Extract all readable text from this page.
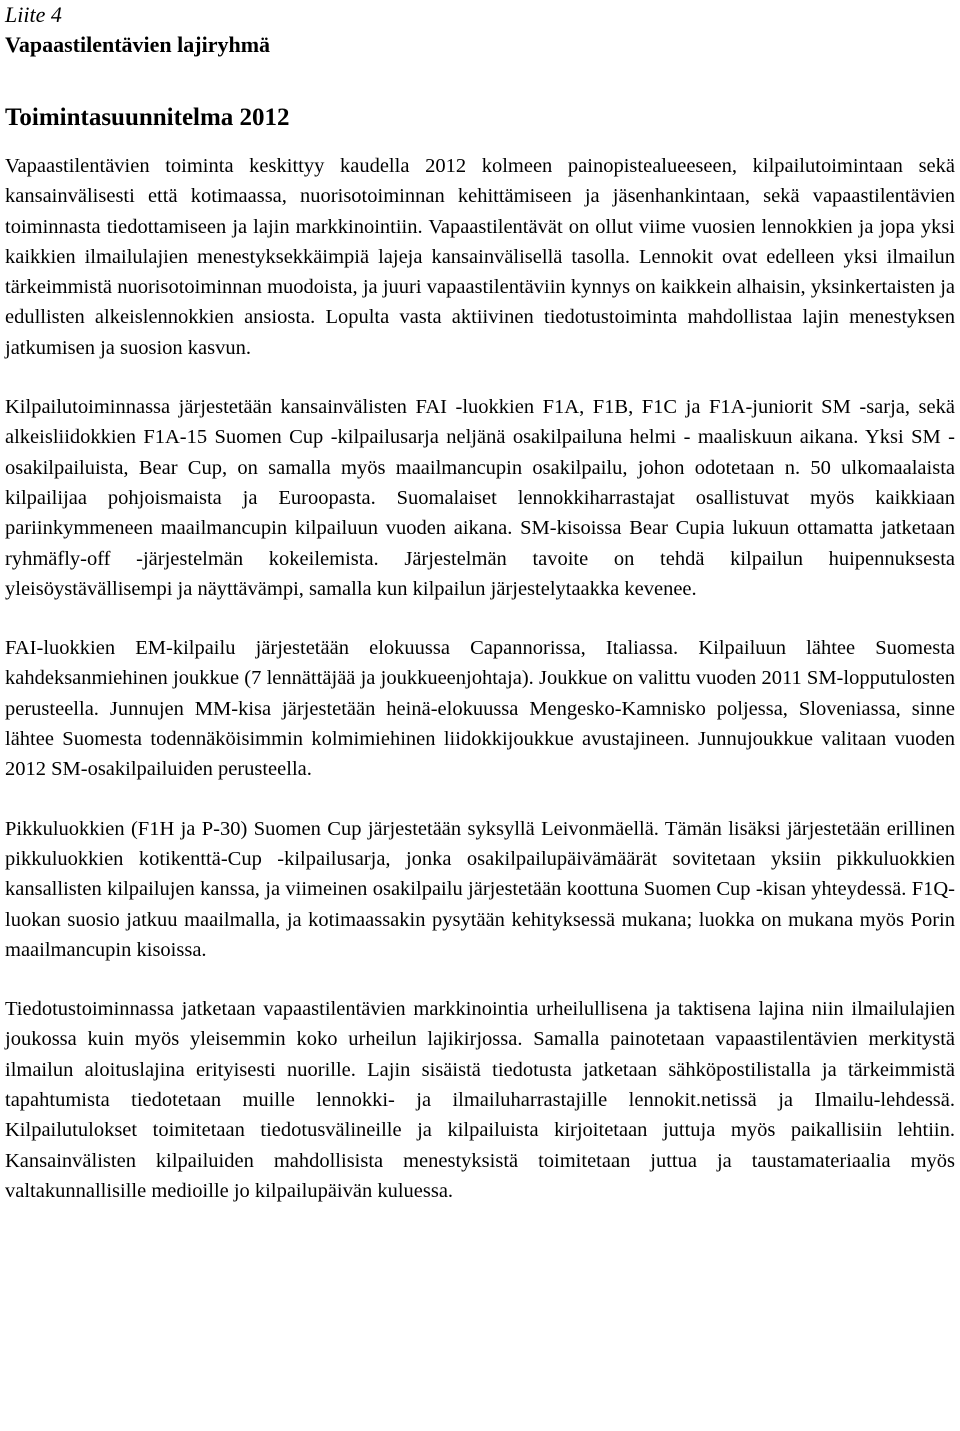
Liite 4

Vapaastilentävien lajiryhmä

Toimintasuunnitelma 2012

Vapaastilentävien toiminta keskittyy kaudella 2012 kolmeen painopistealueeseen, kilpailutoimintaan sekä kansainvälisesti että kotimaassa, nuorisotoiminnan kehittämiseen ja jäsenhankintaan, sekä vapaastilentävien toiminnasta tiedottamiseen ja lajin markkinointiin. Vapaastilentävät on ollut viime vuosien lennokkien ja jopa yksi kaikkien ilmailulajien menestyksekkäimpiä lajeja kansainvälisellä tasolla. Lennokit ovat edelleen yksi ilmailun tärkeimmistä nuorisotoiminnan muodoista, ja juuri vapaastilentäviin kynnys on kaikkein alhaisin, yksinkertaisten ja edullisten alkeislennokkien ansiosta. Lopulta vasta aktiivinen tiedotustoiminta mahdollistaa lajin menestyksen jatkumisen ja suosion kasvun.

Kilpailutoiminnassa järjestetään kansainvälisten FAI -luokkien F1A, F1B, F1C ja F1A-juniorit SM -sarja, sekä alkeisliidokkien F1A-15 Suomen Cup -kilpailusarja neljänä osakilpailuna helmi - maaliskuun aikana. Yksi SM -osakilpailuista, Bear Cup, on samalla myös maailmancupin osakilpailu, johon odotetaan n. 50 ulkomaalaista kilpailijaa pohjoismaista ja Euroopasta. Suomalaiset lennokkiharrastajat osallistuvat myös kaikkiaan pariinkymmeneen maailmancupin kilpailuun vuoden aikana. SM-kisoissa Bear Cupia lukuun ottamatta jatketaan ryhmäfly-off -järjestelmän kokeilemista. Järjestelmän tavoite on tehdä kilpailun huipennuksesta yleisöystävällisempi ja näyttävämpi, samalla kun kilpailun järjestelytaakka kevenee.

FAI-luokkien EM-kilpailu järjestetään elokuussa Capannorissa, Italiassa. Kilpailuun lähtee Suomesta kahdeksanmiehinen joukkue (7 lennättäjää ja joukkueenjohtaja). Joukkue on valittu vuoden 2011 SM-lopputulosten perusteella. Junnujen MM-kisa järjestetään heinä-elokuussa Mengesko-Kamnisko poljessa, Sloveniassa, sinne lähtee Suomesta todennäköisimmin kolmimiehinen liidokkijoukkue avustajineen. Junnujoukkue valitaan vuoden 2012 SM-osakilpailuiden perusteella.

Pikkuluokkien (F1H ja P-30) Suomen Cup järjestetään syksyllä Leivonmäellä. Tämän lisäksi järjestetään erillinen pikkuluokkien kotikenttä-Cup -kilpailusarja, jonka osakilpailupäivämäärät sovitetaan yksiin pikkuluokkien kansallisten kilpailujen kanssa, ja viimeinen osakilpailu järjestetään koottuna Suomen Cup -kisan yhteydessä. F1Q-luokan suosio jatkuu maailmalla, ja kotimaassakin pysytään kehityksessä mukana; luokka on mukana myös Porin maailmancupin kisoissa.

Tiedotustoiminnassa jatketaan vapaastilentävien markkinointia urheilullisena ja taktisena lajina niin ilmailulajien joukossa kuin myös yleisemmin koko urheilun lajikirjossa. Samalla painotetaan vapaastilentävien merkitystä ilmailun aloituslajina erityisesti nuorille. Lajin sisäistä tiedotusta jatketaan sähköpostilistalla ja tärkeimmistä tapahtumista tiedotetaan muille lennokki- ja ilmailuharrastajille lennokit.netissä ja Ilmailu-lehdessä. Kilpailutulokset toimitetaan tiedotusvälineille ja kilpailuista kirjoitetaan juttuja myös paikallisiin lehtiin. Kansainvälisten kilpailuiden mahdollisista menestyksistä toimitetaan juttua ja taustamateriaalia myös valtakunnallisille medioille jo kilpailupäivän kuluessa.
